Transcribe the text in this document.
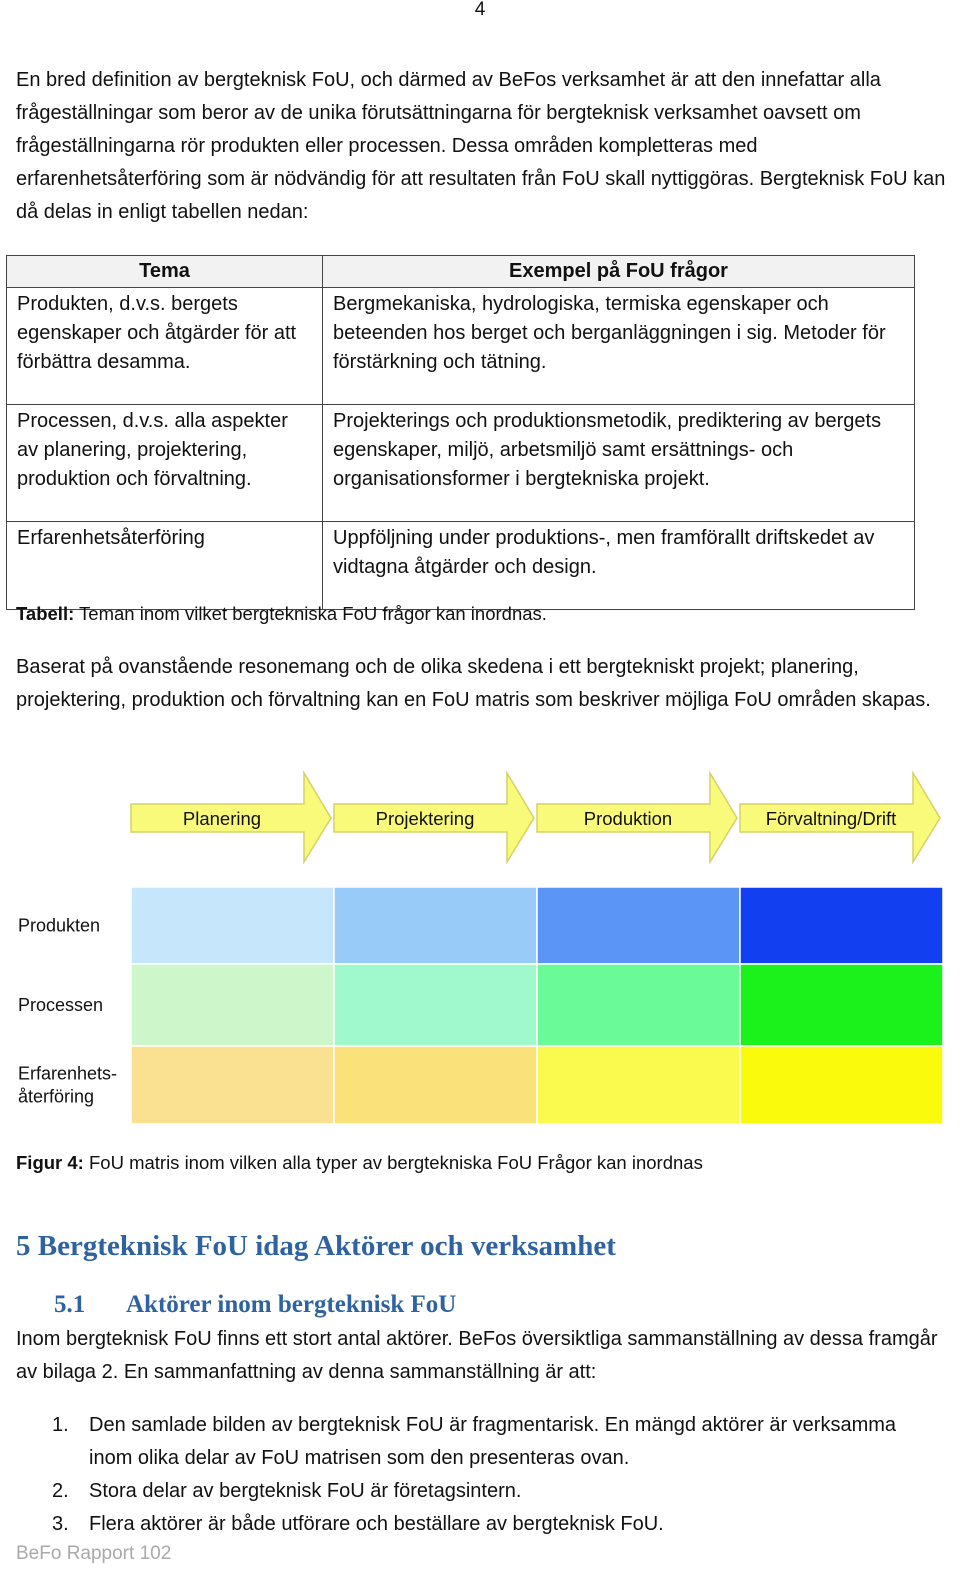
4

En bred definition av bergteknisk FoU, och därmed av BeFos verksamhet är att den innefattar alla frågeställningar som beror av de unika förutsättningarna för bergteknisk verksamhet oavsett om frågeställningarna rör produkten eller processen. Dessa områden kompletteras med erfarenhetsåterföring som är nödvändig för att resultaten från FoU skall nyttiggöras. Bergteknisk FoU kan då delas in enligt tabellen nedan:

Tema	Exempel på FoU frågor
Produkten, d.v.s. bergets egenskaper och åtgärder för att förbättra desamma.	Bergmekaniska, hydrologiska, termiska egenskaper och beteenden hos berget och berganläggningen i sig. Metoder för förstärkning och tätning.
Processen, d.v.s. alla aspekter av planering, projektering, produktion och förvaltning.	Projekterings och produktionsmetodik, prediktering av bergets egenskaper, miljö, arbetsmiljö samt ersättnings- och organisationsformer i bergtekniska projekt.
Erfarenhetsåterföring	Uppföljning under produktions-, men framförallt driftskedet av vidtagna åtgärder och design.

Tabell: Teman inom vilket bergtekniska FoU frågor kan inordnas.

Baserat på ovanstående resonemang och de olika skedena i ett bergtekniskt projekt; planering, projektering, produktion och förvaltning kan en FoU matris som beskriver möjliga FoU områden skapas.

Planering	Projektering	Produktion	Förvaltning/Drift
Produkten
Processen
Erfarenhets-återföring

Figur 4: FoU matris inom vilken alla typer av bergtekniska FoU Frågor kan inordnas

5 Bergteknisk FoU idag Aktörer och verksamhet
5.1 Aktörer inom bergteknisk FoU

Inom bergteknisk FoU finns ett stort antal aktörer. BeFos översiktliga sammanställning av dessa framgår av bilaga 2. En sammanfattning av denna sammanställning är att:

1. Den samlade bilden av bergteknisk FoU är fragmentarisk. En mängd aktörer är verksamma inom olika delar av FoU matrisen som den presenteras ovan.
2. Stora delar av bergteknisk FoU är företagsintern.
3. Flera aktörer är både utförare och beställare av bergteknisk FoU.
BeFo Rapport 102
